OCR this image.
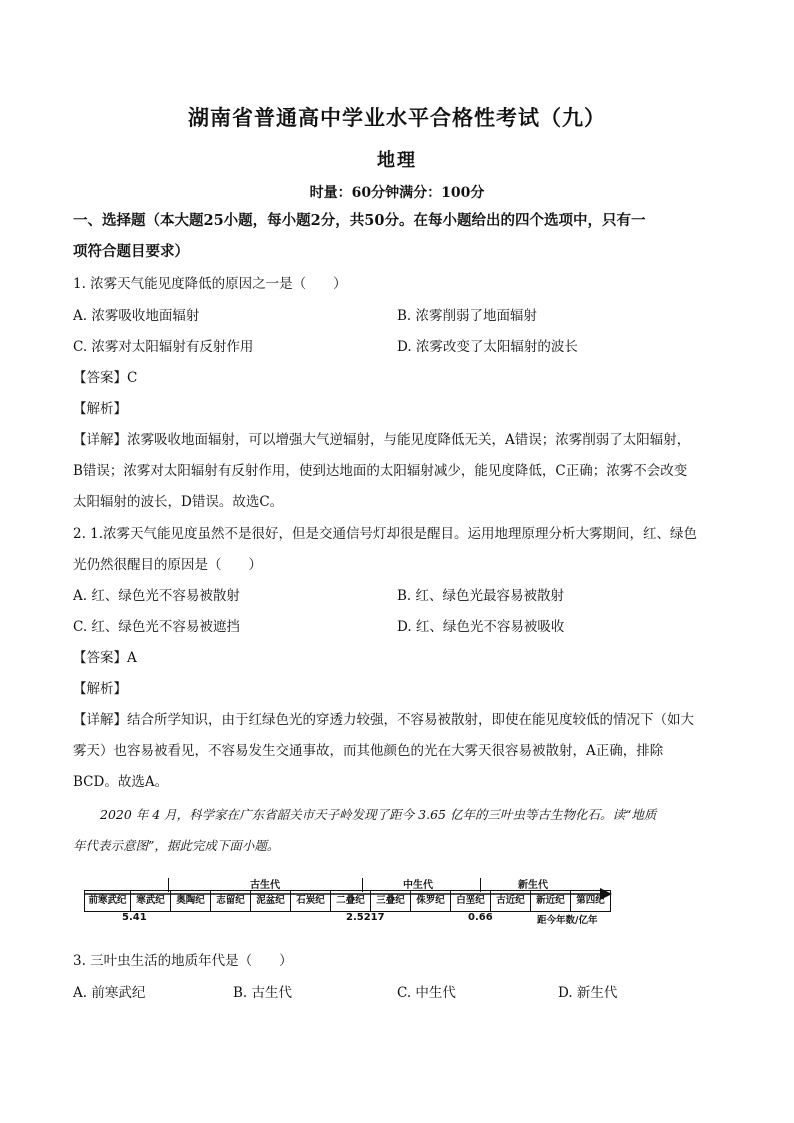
湖南省普通高中学业水平合格性考试（九）
地理
时量：60分钟满分：100分
一、选择题（本大题25小题，每小题2分，共50分。在每小题给出的四个选项中，只有一
项符合题目要求）
1. 浓雾天气能见度降低的原因之一是（　　）
A. 浓雾吸收地面辐射	B. 浓雾削弱了地面辐射
C. 浓雾对太阳辐射有反射作用	D. 浓雾改变了太阳辐射的波长
【答案】C
【解析】
【详解】浓雾吸收地面辐射，可以增强大气逆辐射，与能见度降低无关，A错误；浓雾削弱了太阳辐射，
B错误；浓雾对太阳辐射有反射作用，使到达地面的太阳辐射减少，能见度降低，C正确；浓雾不会改变
太阳辐射的波长，D错误。故选C。
2. 1.浓雾天气能见度虽然不是很好，但是交通信号灯却很是醒目。运用地理原理分析大雾期间，红、绿色
光仍然很醒目的原因是（　　）
A. 红、绿色光不容易被散射	B. 红、绿色光最容易被散射
C. 红、绿色光不容易被遮挡	D. 红、绿色光不容易被吸收
【答案】A
【解析】
【详解】结合所学知识，由于红绿色光的穿透力较强，不容易被散射，即使在能见度较低的情况下（如大
雾天）也容易被看见，不容易发生交通事故，而其他颜色的光在大雾天很容易被散射，A正确，排除
BCD。故选A。
2020 年 4 月，科学家在广东省韶关市天子岭发现了距今 3.65 亿年的三叶虫等古生物化石。读“地质
年代表示意图”，据此完成下面小题。
古生代	中生代	新生代
前寒武纪	寒武纪	奥陶纪	志留纪	泥盆纪	石炭纪	二叠纪	三叠纪	侏罗纪	白垩纪	古近纪	新近纪	第四纪
5.41	2.5217	0.66	距今年数/亿年
3. 三叶虫生活的地质年代是（　　）
A. 前寒武纪	B. 古生代	C. 中生代	D. 新生代
